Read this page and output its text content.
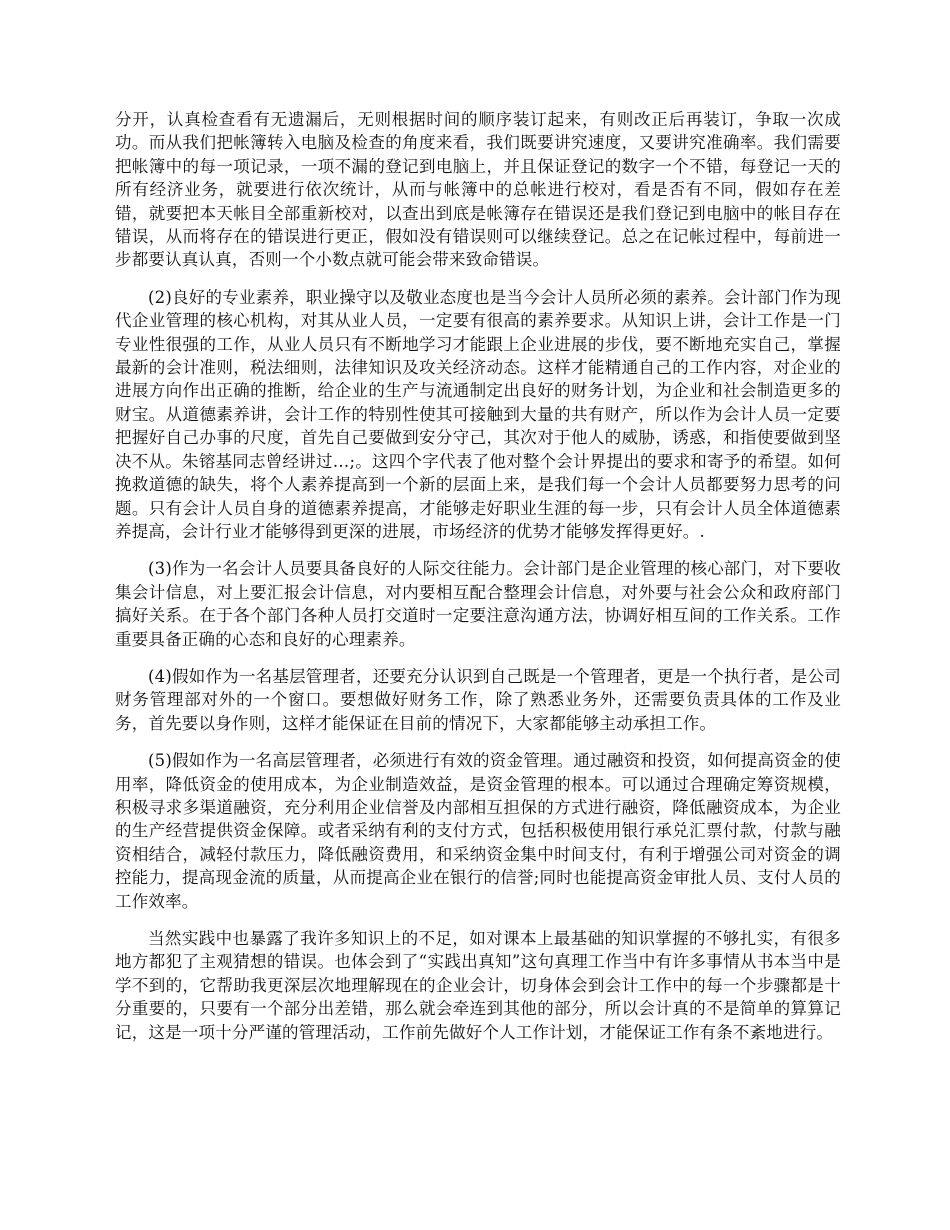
分开，认真检查看有无遗漏后，无则根据时间的顺序装订起来，有则改正后再装订，争取一次成功。而从我们把帐簿转入电脑及检查的角度来看，我们既要讲究速度，又要讲究准确率。我们需要把帐簿中的每一项记录，一项不漏的登记到电脑上，并且保证登记的数字一个不错，每登记一天的所有经济业务，就要进行依次统计，从而与帐簿中的总帐进行校对，看是否有不同，假如存在差错，就要把本天帐目全部重新校对，以查出到底是帐簿存在错误还是我们登记到电脑中的帐目存在错误，从而将存在的错误进行更正，假如没有错误则可以继续登记。总之在记帐过程中，每前进一步都要认真认真，否则一个小数点就可能会带来致命错误。

(2)良好的专业素养，职业操守以及敬业态度也是当今会计人员所必须的素养。会计部门作为现代企业管理的核心机构，对其从业人员，一定要有很高的素养要求。从知识上讲，会计工作是一门专业性很强的工作，从业人员只有不断地学习才能跟上企业进展的步伐，要不断地充实自己，掌握最新的会计准则，税法细则，法律知识及攻关经济动态。这样才能精通自己的工作内容，对企业的进展方向作出正确的推断，给企业的生产与流通制定出良好的财务计划，为企业和社会制造更多的财宝。从道德素养讲，会计工作的特别性使其可接触到大量的共有财产，所以作为会计人员一定要把握好自己办事的尺度，首先自己要做到安分守己，其次对于他人的威胁，诱惑，和指使要做到坚决不从。朱镕基同志曾经讲过…;。这四个字代表了他对整个会计界提出的要求和寄予的希望。如何挽救道德的缺失，将个人素养提高到一个新的层面上来，是我们每一个会计人员都要努力思考的问题。只有会计人员自身的道德素养提高，才能够走好职业生涯的每一步，只有会计人员全体道德素养提高，会计行业才能够得到更深的进展，市场经济的优势才能够发挥得更好。.

(3)作为一名会计人员要具备良好的人际交往能力。会计部门是企业管理的核心部门，对下要收集会计信息，对上要汇报会计信息，对内要相互配合整理会计信息，对外要与社会公众和政府部门搞好关系。在于各个部门各种人员打交道时一定要注意沟通方法，协调好相互间的工作关系。工作重要具备正确的心态和良好的心理素养。

(4)假如作为一名基层管理者，还要充分认识到自己既是一个管理者，更是一个执行者，是公司财务管理部对外的一个窗口。要想做好财务工作，除了熟悉业务外，还需要负责具体的工作及业务，首先要以身作则，这样才能保证在目前的情况下，大家都能够主动承担工作。

(5)假如作为一名高层管理者，必须进行有效的资金管理。通过融资和投资，如何提高资金的使用率，降低资金的使用成本，为企业制造效益，是资金管理的根本。可以通过合理确定筹资规模，积极寻求多渠道融资，充分利用企业信誉及内部相互担保的方式进行融资，降低融资成本，为企业的生产经营提供资金保障。或者采纳有利的支付方式，包括积极使用银行承兑汇票付款，付款与融资相结合，减轻付款压力，降低融资费用，和采纳资金集中时间支付，有利于增强公司对资金的调控能力，提高现金流的质量，从而提高企业在银行的信誉;同时也能提高资金审批人员、支付人员的工作效率。

当然实践中也暴露了我许多知识上的不足，如对课本上最基础的知识掌握的不够扎实，有很多地方都犯了主观猜想的错误。也体会到了“实践出真知”这句真理工作当中有许多事情从书本当中是学不到的，它帮助我更深层次地理解现在的企业会计，切身体会到会计工作中的每一个步骤都是十分重要的，只要有一个部分出差错，那么就会牵连到其他的部分，所以会计真的不是简单的算算记记，这是一项十分严谨的管理活动，工作前先做好个人工作计划，才能保证工作有条不紊地进行。
